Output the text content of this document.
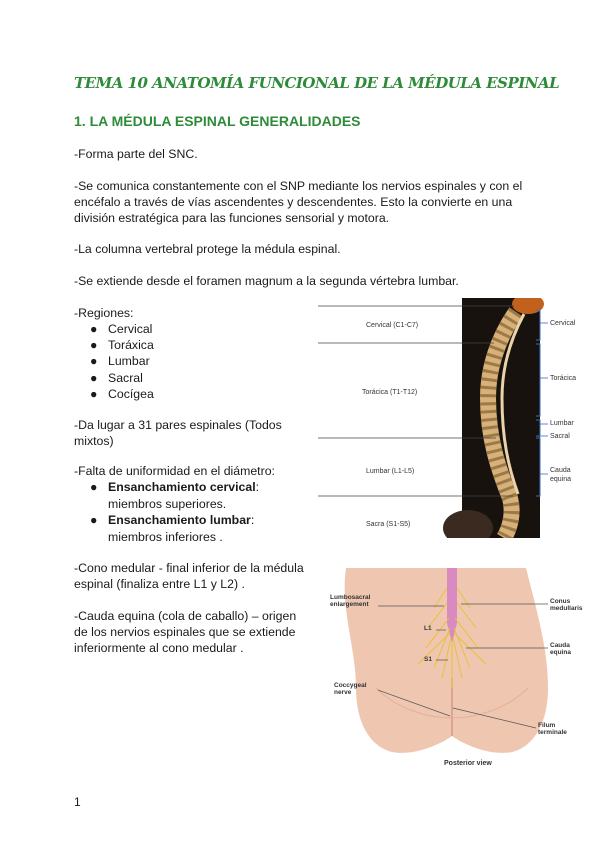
TEMA 10 ANATOMÍA FUNCIONAL DE LA MÉDULA ESPINAL
1. LA MÉDULA ESPINAL GENERALIDADES
-Forma parte del SNC.
-Se comunica constantemente con el SNP mediante los nervios espinales y con el encéfalo a través de vías ascendentes y descendentes. Esto la convierte en una división estratégica para las funciones sensorial y motora.
-La columna vertebral protege la médula espinal.
-Se extiende desde el foramen magnum a la segunda vértebra lumbar.
-Regiones:
● Cervical
● Toráxica
● Lumbar
● Sacral
● Cocígea
-Da lugar a 31 pares espinales (Todos mixtos)
-Falta de uniformidad en el diámetro:
● Ensanchamiento cervical:
miembros superiores.
● Ensanchamiento lumbar:
miembros inferiores .
-Cono medular - final inferior de la médula espinal (finaliza entre L1 y L2) .
-Cauda equina (cola de caballo) – origen de los nervios espinales que se extiende inferiormente al cono medular .
Cervical (C1-C7)
Torácica (T1-T12)
Lumbar (L1-L5)
Sacra (S1-S5)
Cervical
Torácica
Lumbar
Sacral
Cauda equina
Lumbosacral enlargement
L1
S1
Coccygeal nerve
Conus medullaris
Cauda equina
Filum terminale
Posterior view
1
